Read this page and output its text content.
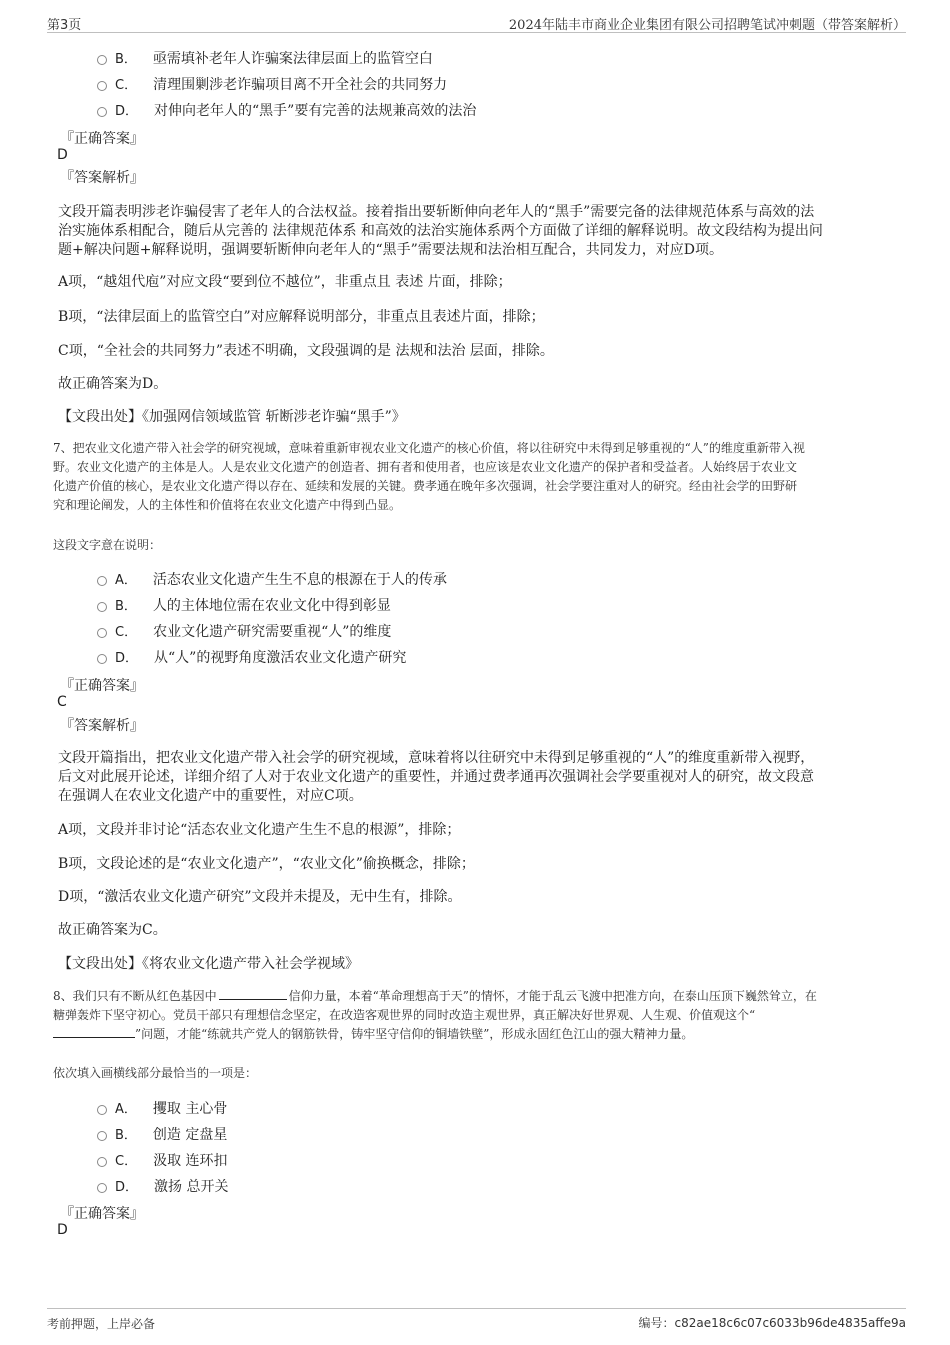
第3页	2024年陆丰市商业企业集团有限公司招聘笔试冲刺题（带答案解析）
B． 亟需填补老年人诈骗案法律层面上的监管空白
C． 清理围剿涉老诈骗项目离不开全社会的共同努力
D． 对伸向老年人的“黑手”要有完善的法规兼高效的法治
『正确答案』
D
『答案解析』
文段开篇表明涉老诈骗侵害了老年人的合法权益。接着指出要斩断伸向老年人的“黑手”需要完备的法律规范体系与高效的法
治实施体系相配合，随后从完善的 法律规范体系 和高效的法治实施体系两个方面做了详细的解释说明。故文段结构为提出问
题+解决问题+解释说明，强调要斩断伸向老年人的“黑手”需要法规和法治相互配合，共同发力，对应D项。
A项，“越俎代庖”对应文段“要到位不越位”，非重点且 表述 片面，排除；
B项，“法律层面上的监管空白”对应解释说明部分，非重点且表述片面，排除；
C项，“全社会的共同努力”表述不明确，文段强调的是 法规和法治 层面，排除。
故正确答案为D。
【文段出处】《加强网信领域监管 斩断涉老诈骗“黑手”》
7、把农业文化遗产带入社会学的研究视域，意味着重新审视农业文化遗产的核心价值，将以往研究中未得到足够重视的“人”的维度重新带入视
野。农业文化遗产的主体是人。人是农业文化遗产的创造者、拥有者和使用者，也应该是农业文化遗产的保护者和受益者。人始终居于农业文
化遗产价值的核心，是农业文化遗产得以存在、延续和发展的关键。费孝通在晚年多次强调，社会学要注重对人的研究。经由社会学的田野研
究和理论阐发，人的主体性和价值将在农业文化遗产中得到凸显。
这段文字意在说明：
A． 活态农业文化遗产生生不息的根源在于人的传承
B． 人的主体地位需在农业文化中得到彰显
C． 农业文化遗产研究需要重视“人”的维度
D． 从“人”的视野角度激活农业文化遗产研究
『正确答案』
C
『答案解析』
文段开篇指出，把农业文化遗产带入社会学的研究视域，意味着将以往研究中未得到足够重视的“人”的维度重新带入视野，
后文对此展开论述，详细介绍了人对于农业文化遗产的重要性，并通过费孝通再次强调社会学要重视对人的研究，故文段意
在强调人在农业文化遗产中的重要性，对应C项。
A项，文段并非讨论“活态农业文化遗产生生不息的根源”，排除；
B项，文段论述的是“农业文化遗产”，“农业文化”偷换概念，排除；
D项，“激活农业文化遗产研究”文段并未提及，无中生有，排除。
故正确答案为C。
【文段出处】《将农业文化遗产带入社会学视域》
8、我们只有不断从红色基因中	信仰力量，本着“革命理想高于天”的情怀，才能于乱云飞渡中把准方向，在泰山压顶下巍然耸立，在
糖弹轰炸下坚守初心。党员干部只有理想信念坚定，在改造客观世界的同时改造主观世界，真正解决好世界观、人生观、价值观这个“
”问题，才能“练就共产党人的钢筋铁骨，铸牢坚守信仰的铜墙铁壁”，形成永固红色江山的强大精神力量。
依次填入画横线部分最恰当的一项是：
A． 攫取 主心骨
B． 创造 定盘星
C． 汲取 连环扣
D． 激扬 总开关
『正确答案』
D
考前押题，上岸必备	编号：c82ae18c6c07c6033b96de4835affe9a
